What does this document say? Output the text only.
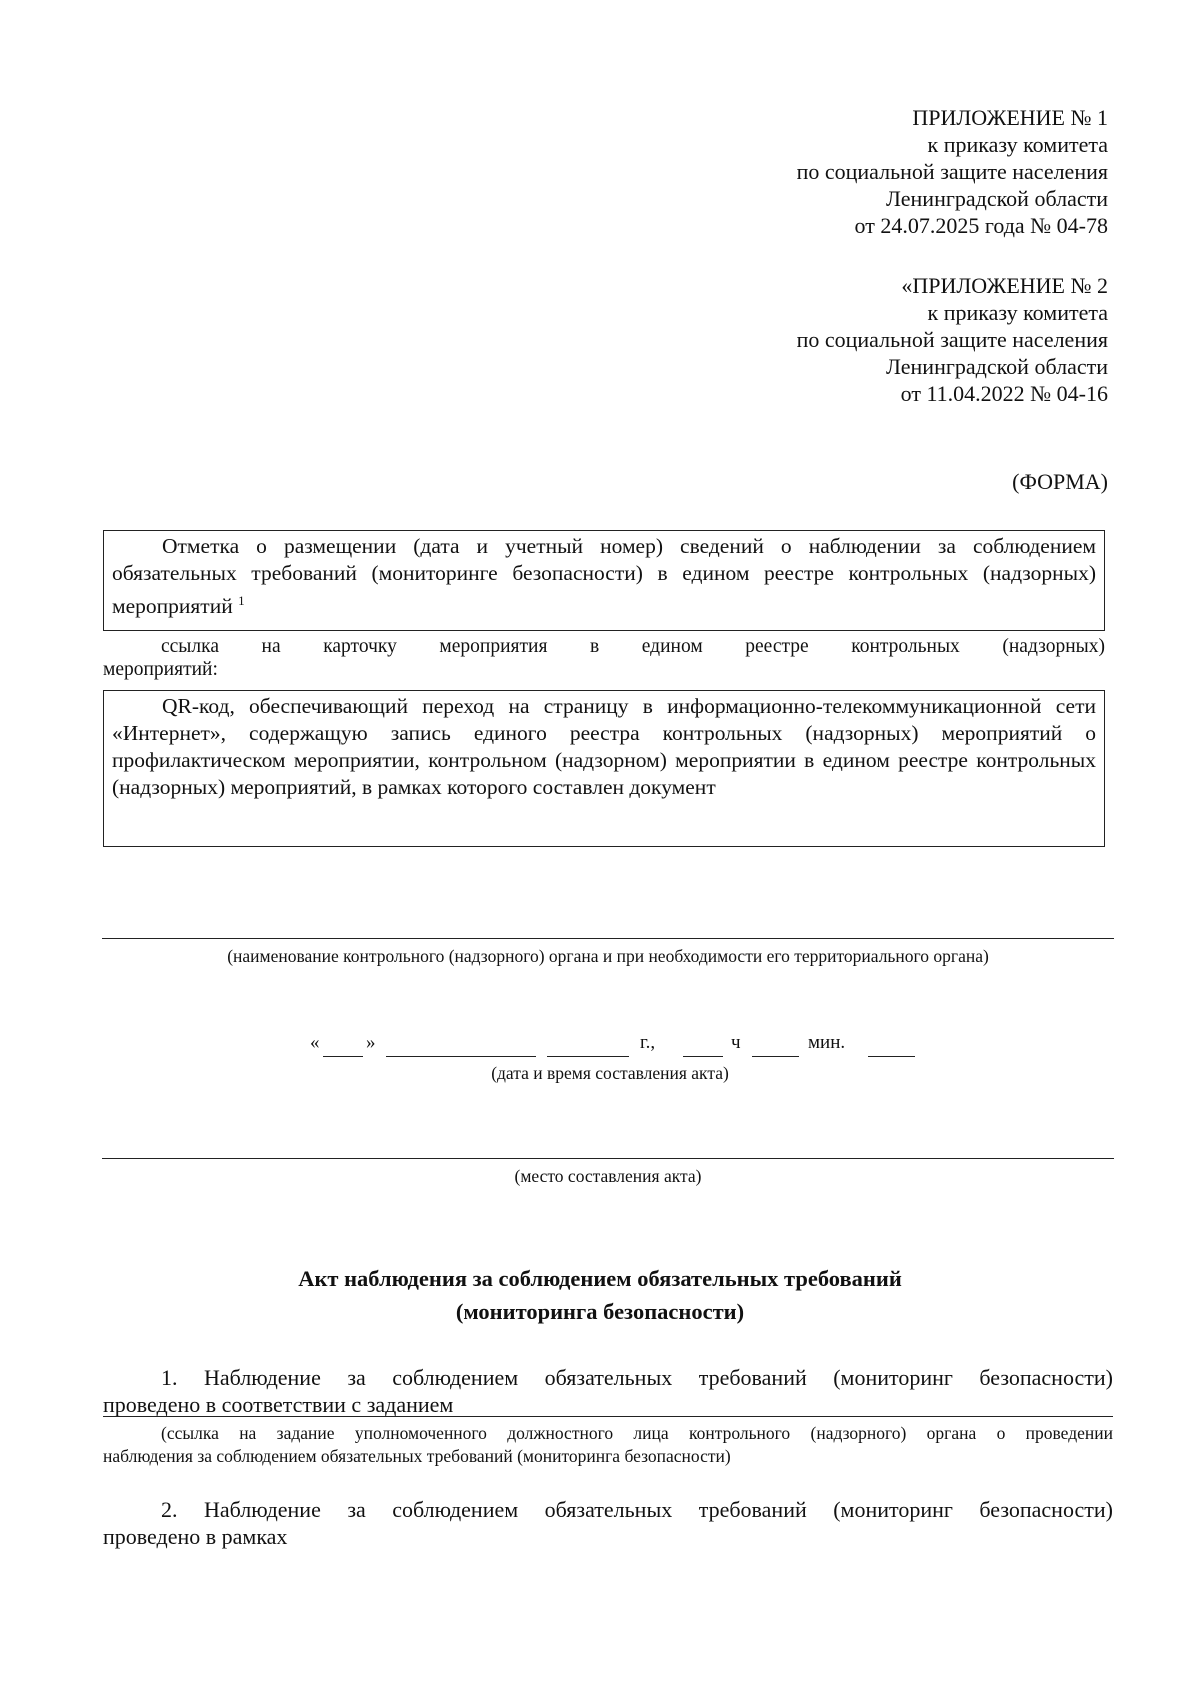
ПРИЛОЖЕНИЕ № 1
к приказу комитета
по социальной защите населения
Ленинградской области
от 24.07.2025 года № 04-78
«ПРИЛОЖЕНИЕ № 2
к приказу комитета
по социальной защите населения
Ленинградской области
от 11.04.2022 № 04-16
(ФОРМА)

Отметка о размещении (дата и учетный номер) сведений о наблюдении за соблюдением обязательных требований (мониторинге безопасности) в едином реестре контрольных (надзорных) мероприятий $^1$

ссылка на карточку мероприятия в едином реестре контрольных (надзорных)
мероприятий:

QR-код, обеспечивающий переход на страницу в информационно-телекоммуникационной сети «Интернет», содержащую запись единого реестра контрольных (надзорных) мероприятий о профилактическом мероприятии, контрольном (надзорном) мероприятии в едином реестре контрольных (надзорных) мероприятий, в рамках которого составлен документ

(наименование контрольного (надзорного) органа и при необходимости его территориального органа)
« »	г.,	ч	мин.
(дата и время составления акта)
(место составления акта)
Акт наблюдения за соблюдением обязательных требований
(мониторинга безопасности)
1. Наблюдение за соблюдением обязательных требований (мониторинг безопасности)
проведено в соответствии с заданием
(ссылка на задание уполномоченного должностного лица контрольного (надзорного) органа о проведении
наблюдения за соблюдением обязательных требований (мониторинга безопасности)
2. Наблюдение за соблюдением обязательных требований (мониторинг безопасности)
проведено в рамках
